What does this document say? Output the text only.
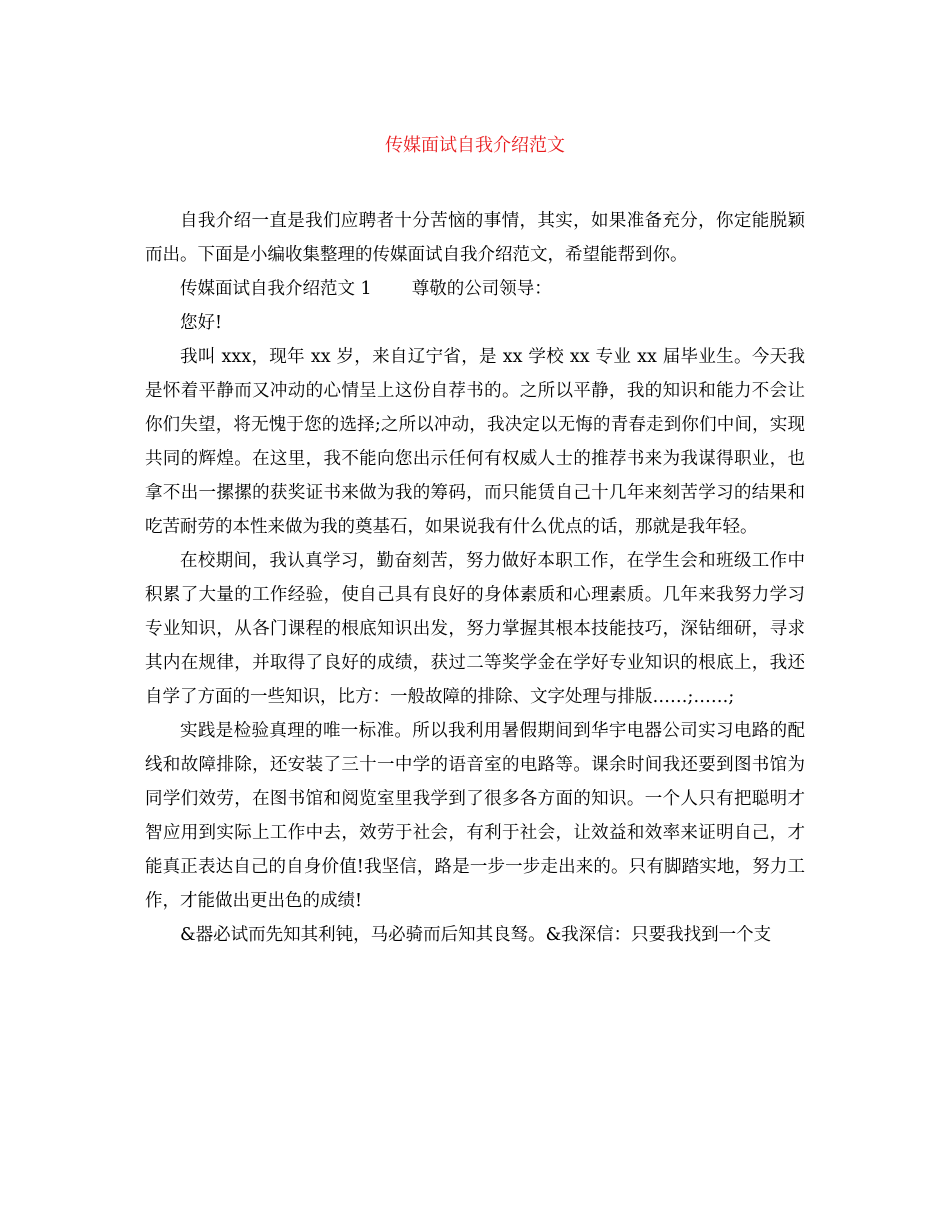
传媒面试自我介绍范文

自我介绍一直是我们应聘者十分苦恼的事情，其实，如果准备充分，你定能脱颖而出。下面是小编收集整理的传媒面试自我介绍范文，希望能帮到你。

传媒面试自我介绍范文 1 尊敬的公司领导：

您好!

我叫 xxx，现年 xx 岁，来自辽宁省，是 xx 学校 xx 专业 xx 届毕业生。今天我是怀着平静而又冲动的心情呈上这份自荐书的。之所以平静，我的知识和能力不会让你们失望，将无愧于您的选择;之所以冲动，我决定以无悔的青春走到你们中间，实现共同的辉煌。在这里，我不能向您出示任何有权威人士的推荐书来为我谋得职业，也拿不出一摞摞的获奖证书来做为我的筹码，而只能赁自己十几年来刻苦学习的结果和吃苦耐劳的本性来做为我的奠基石，如果说我有什么优点的话，那就是我年轻。

在校期间，我认真学习，勤奋刻苦，努力做好本职工作，在学生会和班级工作中积累了大量的工作经验，使自己具有良好的身体素质和心理素质。几年来我努力学习专业知识，从各门课程的根底知识出发，努力掌握其根本技能技巧，深钻细研，寻求其内在规律，并取得了良好的成绩，获过二等奖学金在学好专业知识的根底上，我还自学了方面的一些知识，比方：一般故障的排除、文字处理与排版……;……;

实践是检验真理的唯一标准。所以我利用暑假期间到华宇电器公司实习电路的配线和故障排除，还安装了三十一中学的语音室的电路等。课余时间我还要到图书馆为同学们效劳，在图书馆和阅览室里我学到了很多各方面的知识。一个人只有把聪明才智应用到实际上工作中去，效劳于社会，有利于社会，让效益和效率来证明自己，才能真正表达自己的自身价值!我坚信，路是一步一步走出来的。只有脚踏实地，努力工作，才能做出更出色的成绩!

&器必试而先知其利钝，马必骑而后知其良驽。&我深信：只要我找到一个支
